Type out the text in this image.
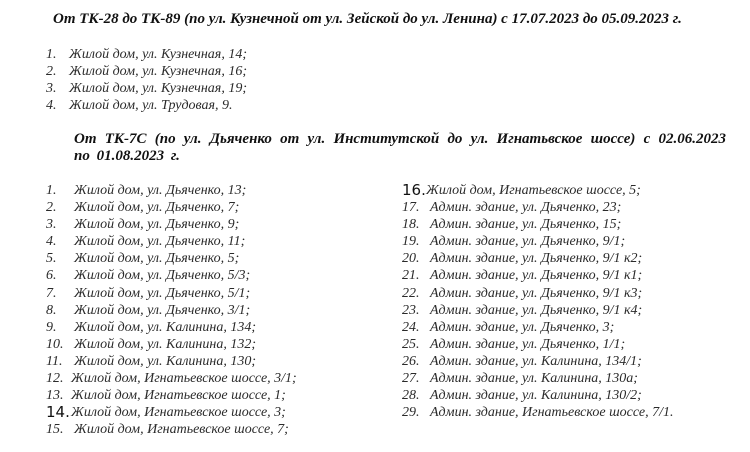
От ТК-28 до ТК-89 (по ул. Кузнечной от ул. Зейской до ул. Ленина) с 17.07.2023 до 05.09.2023 г.
1. Жилой дом, ул. Кузнечная, 14;
2. Жилой дом, ул. Кузнечная, 16;
3. Жилой дом, ул. Кузнечная, 19;
4. Жилой дом, ул. Трудовая, 9.
От ТК-7С (по ул. Дьяченко от ул. Институтской до ул. Игнатьвское шоссе) с 02.06.2023 по 01.08.2023 г.
1.	Жилой дом, ул. Дьяченко, 13;
2.	Жилой дом, ул. Дьяченко, 7;
3.	Жилой дом, ул. Дьяченко, 9;
4.	Жилой дом, ул. Дьяченко, 11;
5.	Жилой дом, ул. Дьяченко, 5;
6.	Жилой дом, ул. Дьяченко, 5/3;
7.	Жилой дом, ул. Дьяченко, 5/1;
8.	Жилой дом, ул. Дьяченко, 3/1;
9.	Жилой дом, ул. Калинина, 134;
10. Жилой дом, ул. Калинина, 132;
11. Жилой дом, ул. Калинина, 130;
12. Жилой дом, Игнатьевское шоссе, 3/1;
13. Жилой дом, Игнатьевское шоссе, 1;
14. Жилой дом, Игнатьевское шоссе, 3;
15. Жилой дом, Игнатьевское шоссе, 7;
16. Жилой дом, Игнатьевское шоссе, 5;
17. Админ. здание, ул. Дьяченко, 23;
18. Админ. здание, ул. Дьяченко, 15;
19. Админ. здание, ул. Дьяченко, 9/1;
20. Админ. здание, ул. Дьяченко, 9/1 к2;
21. Админ. здание, ул. Дьяченко, 9/1 к1;
22. Админ. здание, ул. Дьяченко, 9/1 к3;
23. Админ. здание, ул. Дьяченко, 9/1 к4;
24. Админ. здание, ул. Дьяченко, 3;
25. Админ. здание, ул. Дьяченко, 1/1;
26. Админ. здание, ул. Калинина, 134/1;
27. Админ. здание, ул. Калинина, 130а;
28. Админ. здание, ул. Калинина, 130/2;
29. Админ. здание, Игнатьевское шоссе, 7/1.
